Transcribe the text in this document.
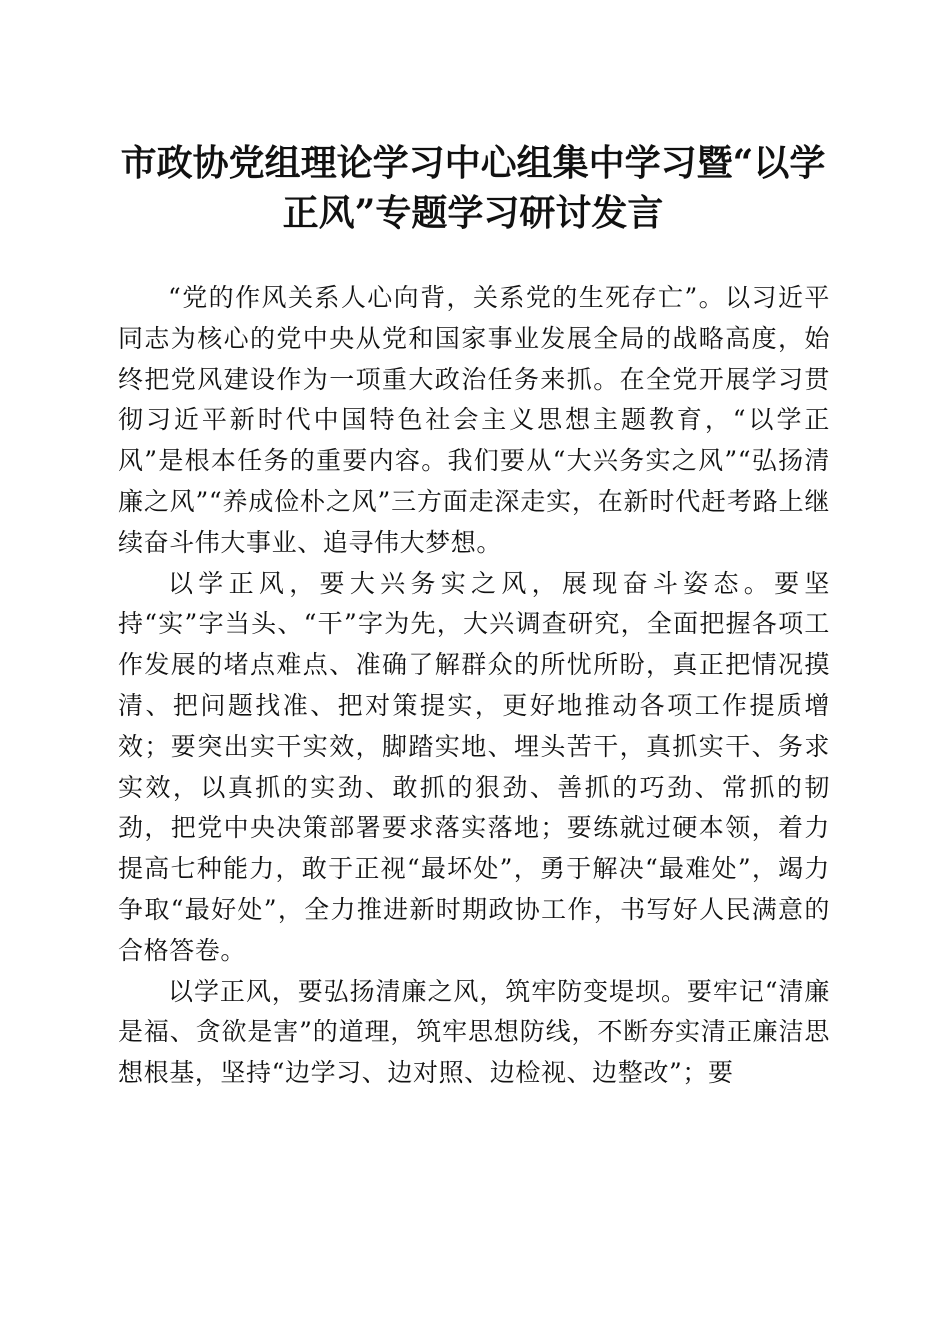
市政协党组理论学习中心组集中学习暨“以学
正风”专题学习研讨发言

“党的作风关系人心向背，关系党的生死存亡”。以习近平同志为核心的党中央从党和国家事业发展全局的战略高度，始终把党风建设作为一项重大政治任务来抓。在全党开展学习贯彻习近平新时代中国特色社会主义思想主题教育，“以学正风”是根本任务的重要内容。我们要从“大兴务实之风”“弘扬清廉之风”“养成俭朴之风”三方面走深走实，在新时代赶考路上继续奋斗伟大事业、追寻伟大梦想。

以学正风，要大兴务实之风，展现奋斗姿态。要坚持“实”字当头、“干”字为先，大兴调查研究，全面把握各项工作发展的堵点难点、准确了解群众的所忧所盼，真正把情况摸清、把问题找准、把对策提实，更好地推动各项工作提质增效；要突出实干实效，脚踏实地、埋头苦干，真抓实干、务求实效，以真抓的实劲、敢抓的狠劲、善抓的巧劲、常抓的韧劲，把党中央决策部署要求落实落地；要练就过硬本领，着力提高七种能力，敢于正视“最坏处”，勇于解决“最难处”，竭力争取“最好处”，全力推进新时期政协工作，书写好人民满意的合格答卷。

以学正风，要弘扬清廉之风，筑牢防变堤坝。要牢记“清廉是福、贪欲是害”的道理，筑牢思想防线，不断夯实清正廉洁思想根基，坚持“边学习、边对照、边检视、边整改”；要
